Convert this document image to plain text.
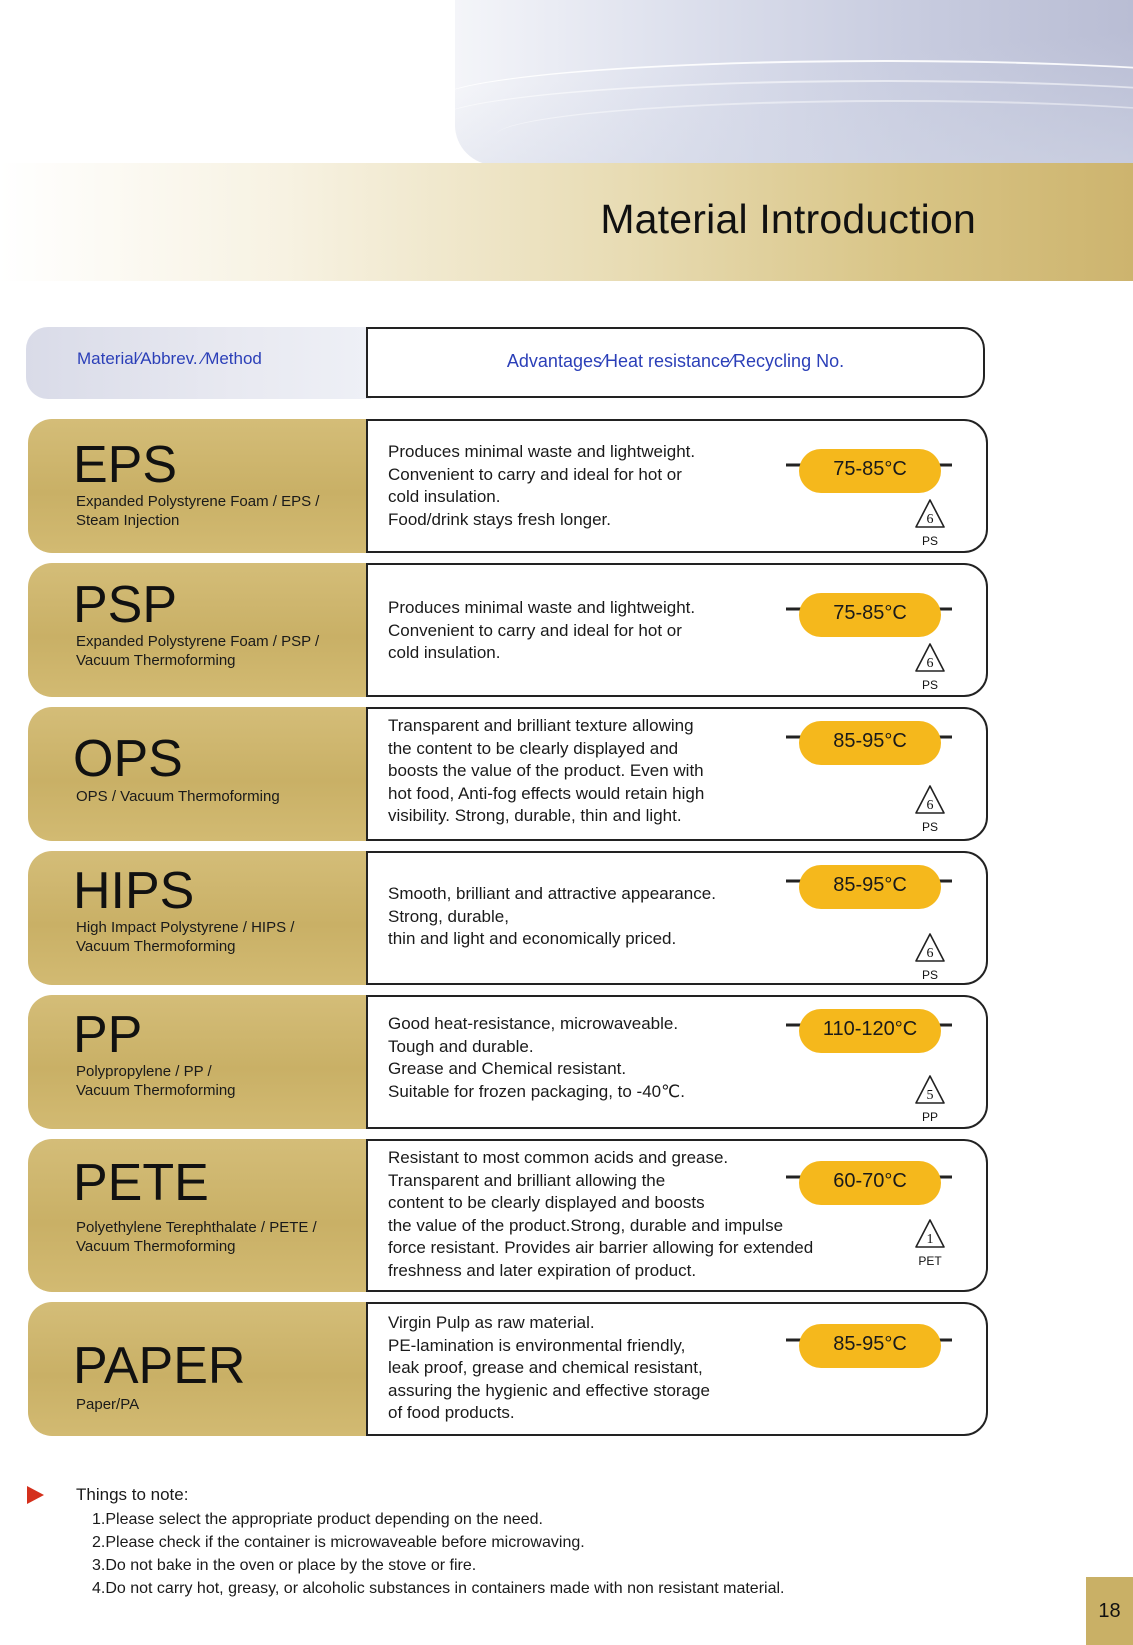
Material Introduction
Material∕Abbrev. ∕Method	Advantages∕Heat resistance∕Recycling No.
EPS
Expanded Polystyrene Foam / EPS /
Steam Injection
Produces minimal waste and lightweight.
Convenient to carry and ideal for hot or
cold insulation.
Food/drink stays fresh longer.
75-85°C
6
PS
PSP
Expanded Polystyrene Foam / PSP /
Vacuum Thermoforming
Produces minimal waste and lightweight.
Convenient to carry and ideal for hot or
cold insulation.
75-85°C
6
PS
OPS
OPS / Vacuum Thermoforming
Transparent and brilliant texture allowing
the content to be clearly displayed and
boosts the value of the product. Even with
hot food, Anti-fog effects would retain high
visibility. Strong, durable, thin and light.
85-95°C
6
PS
HIPS
High Impact Polystyrene / HIPS /
Vacuum Thermoforming
Smooth, brilliant and attractive appearance.
Strong, durable,
thin and light and economically priced.
85-95°C
6
PS
PP
Polypropylene / PP /
Vacuum Thermoforming
Good heat-resistance, microwaveable.
Tough and durable.
Grease and Chemical resistant.
Suitable for frozen packaging, to -40℃.
110-120°C
5
PP
PETE
Polyethylene Terephthalate / PETE /
Vacuum Thermoforming
Resistant to most common acids and grease.
Transparent and brilliant allowing the
content to be clearly displayed and boosts
the value of the product.Strong, durable and impulse
force resistant. Provides air barrier allowing for extended
freshness and later expiration of product.
60-70°C
1
PET
PAPER
Paper/PA
Virgin Pulp as raw material.
PE-lamination is environmental friendly,
leak proof, grease and chemical resistant,
assuring the hygienic and effective storage
of food products.
85-95°C
Things to note:
1.Please select the appropriate product depending on the need.
2.Please check if the container is microwaveable before microwaving.
3.Do not bake in the oven or place by the stove or fire.
4.Do not carry hot, greasy, or alcoholic substances in containers made with non resistant material.
18
